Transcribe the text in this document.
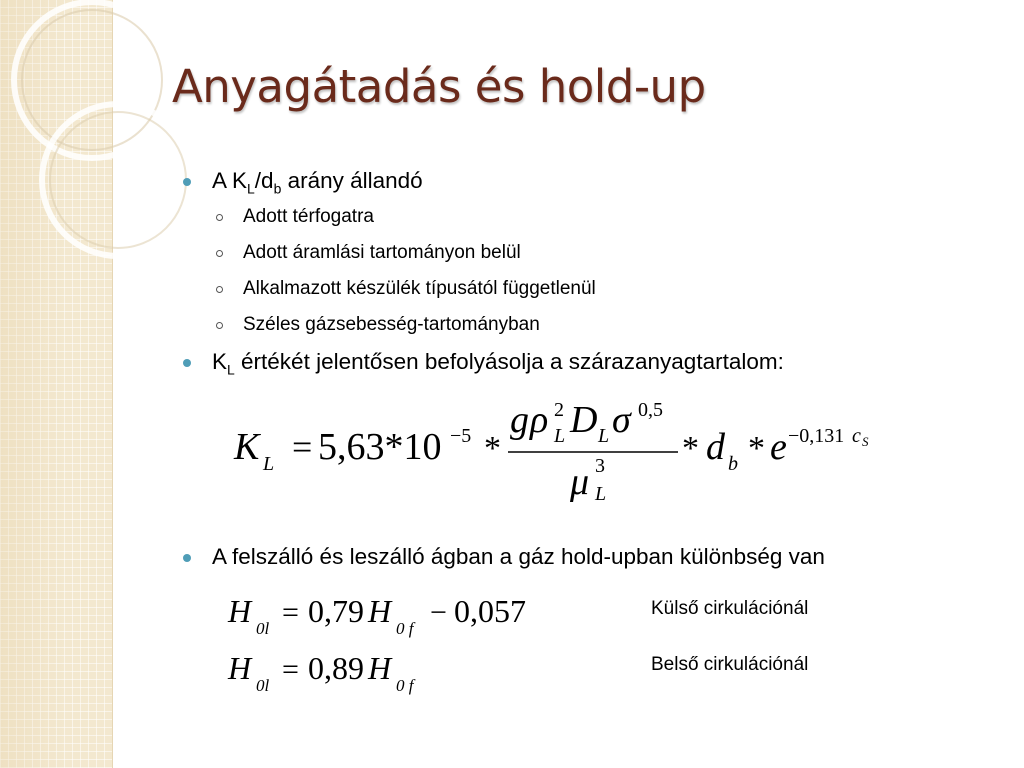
Anyagátadás és hold-up
A $K_L/d_b$ arány állandó
Adott térfogatra
Adott áramlási tartományon belül
Alkalmazott készülék típusától függetlenül
Széles gázsebesség-tartományban
$K_L$ értékét jelentősen befolyásolja a szárazanyagtartalom:
K L = 5,63*10 −5 *
g ρ 2
L D L σ 0,5
μ 3
L
* d b * e −0,131 c S
A felszálló és leszálló ágban a gáz hold-upban különbség van
H 0l = 0,79 H 0 f − 0,057	Külső cirkulációnál
H 0l = 0,89 H 0 f
Belső cirkulációnál
